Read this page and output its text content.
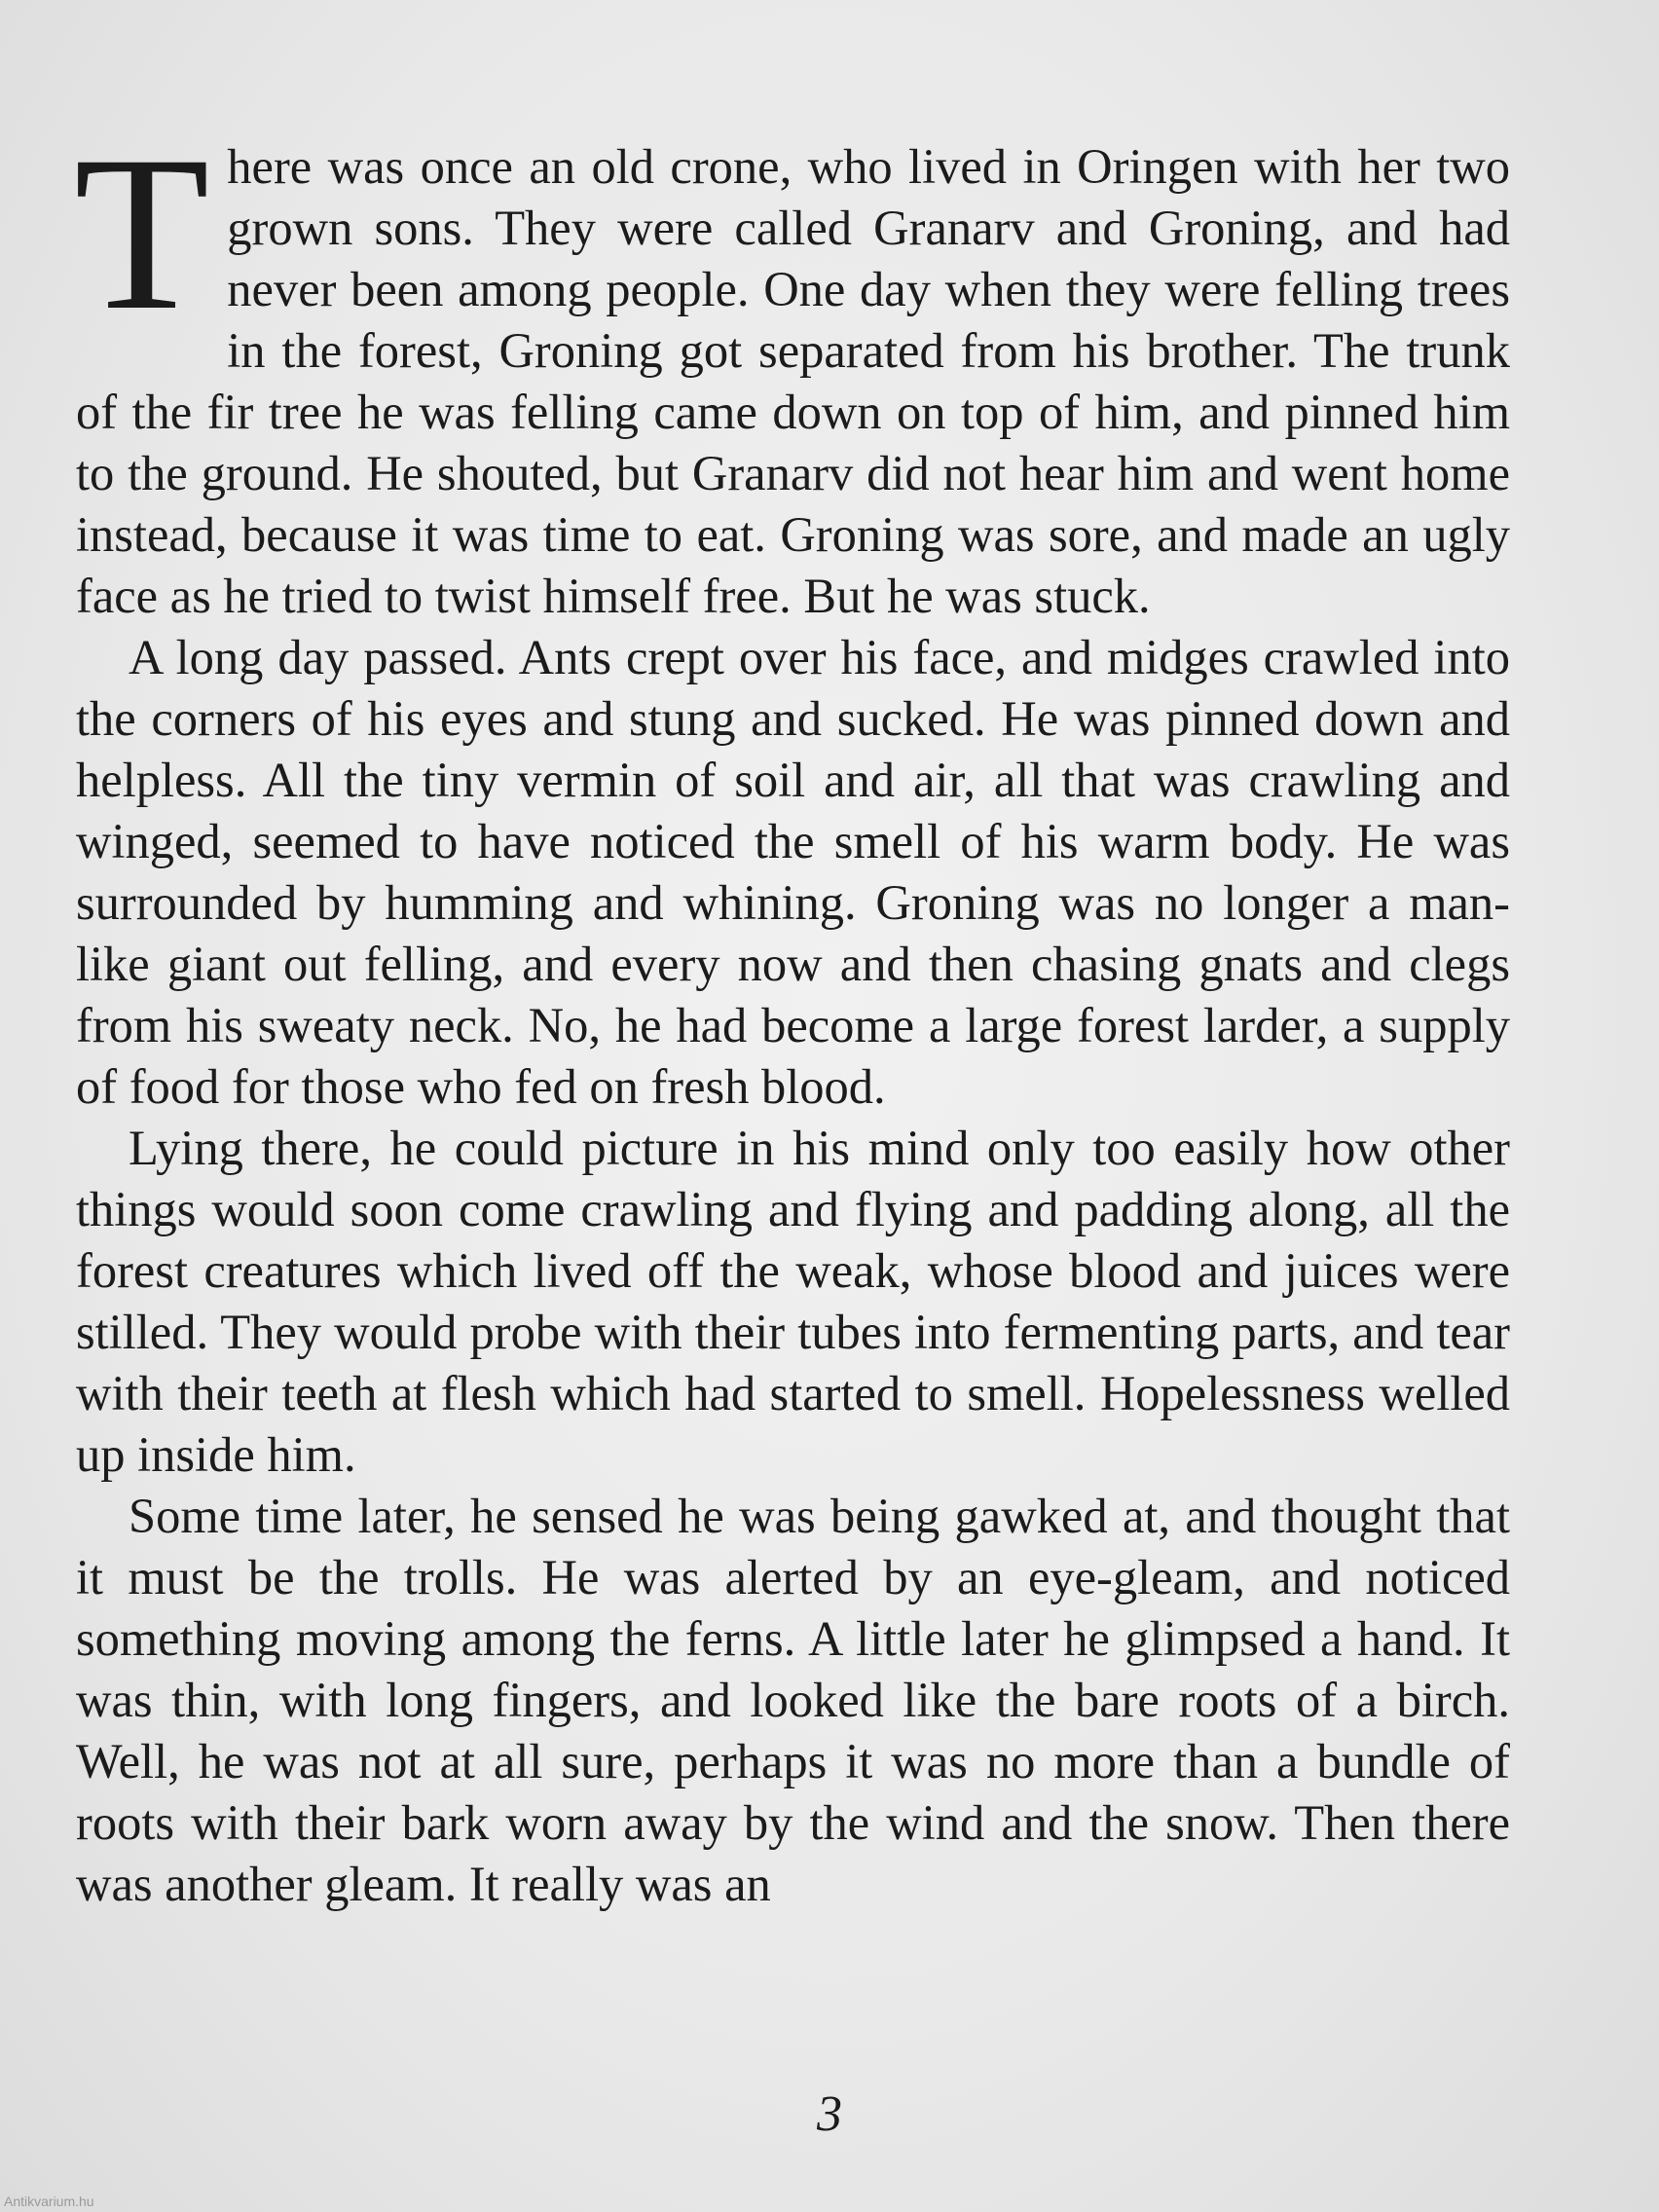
There was once an old crone, who lived in Oringen with her two grown sons. They were called Granarv and Groning, and had never been among people. One day when they were felling trees in the forest, Groning got separated from his brother. The trunk of the fir tree he was felling came down on top of him, and pinned him to the ground. He shouted, but Granarv did not hear him and went home instead, because it was time to eat. Groning was sore, and made an ugly face as he tried to twist himself free. But he was stuck.

A long day passed. Ants crept over his face, and midges crawled into the corners of his eyes and stung and sucked. He was pinned down and helpless. All the tiny vermin of soil and air, all that was crawling and winged, seemed to have noticed the smell of his warm body. He was surrounded by humming and whining. Groning was no longer a man-like giant out felling, and every now and then chasing gnats and clegs from his sweaty neck. No, he had become a large forest larder, a supply of food for those who fed on fresh blood.

Lying there, he could picture in his mind only too easily how other things would soon come crawling and flying and padding along, all the forest creatures which lived off the weak, whose blood and juices were stilled. They would probe with their tubes into fermenting parts, and tear with their teeth at flesh which had started to smell. Hopelessness welled up inside him.

Some time later, he sensed he was being gawked at, and thought that it must be the trolls. He was alerted by an eye-gleam, and noticed something moving among the ferns. A little later he glimpsed a hand. It was thin, with long fingers, and looked like the bare roots of a birch. Well, he was not at all sure, perhaps it was no more than a bundle of roots with their bark worn away by the wind and the snow. Then there was another gleam. It really was an

3
Antikvarium.hu
